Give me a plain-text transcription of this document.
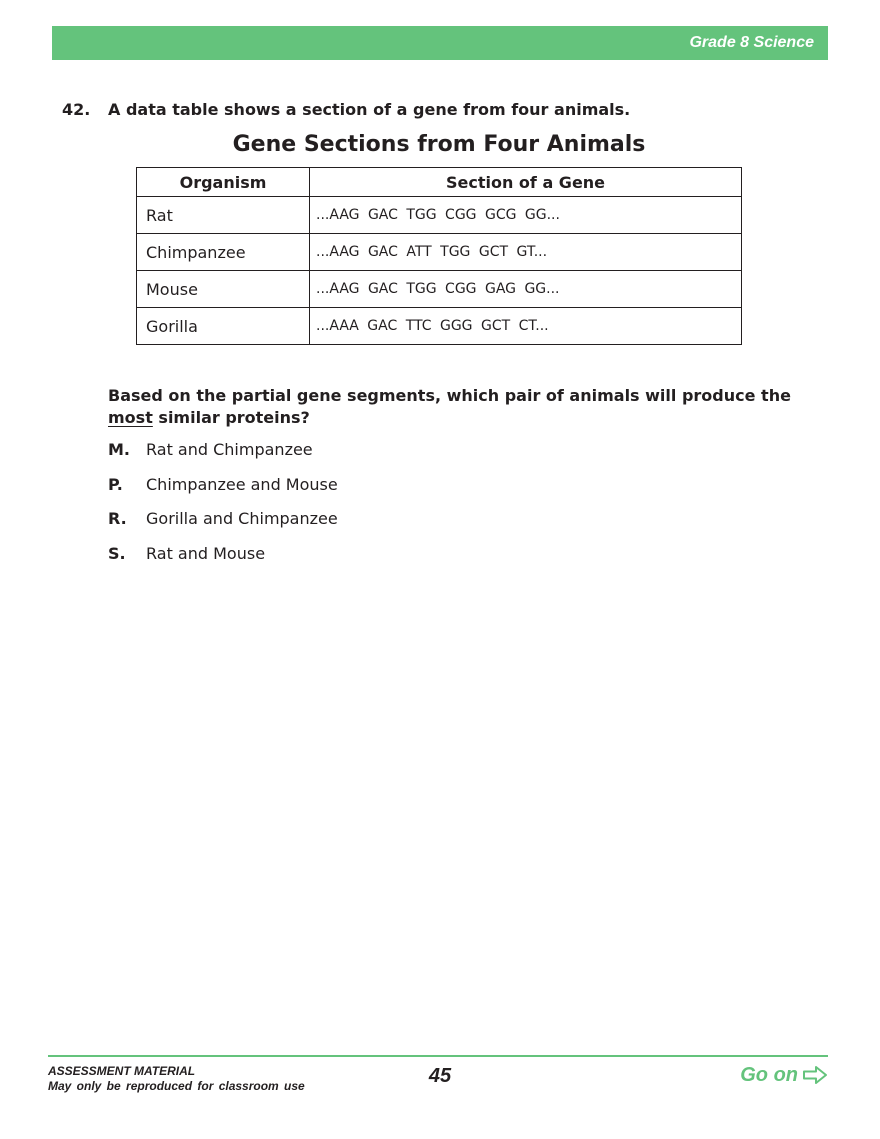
Grade 8 Science
42. A data table shows a section of a gene from four animals.
Gene Sections from Four Animals
Organism	Section of a Gene
Rat	...AAG GAC TGG CGG GCG GG...
Chimpanzee	...AAG GAC ATT TGG GCT GT...
Mouse	...AAG GAC TGG CGG GAG GG...
Gorilla	...AAA GAC TTC GGG GCT CT...
Based on the partial gene segments, which pair of animals will produce the most similar proteins?
M. Rat and Chimpanzee
P. Chimpanzee and Mouse
R. Gorilla and Chimpanzee
S. Rat and Mouse
ASSESSMENT MATERIAL
May only be reproduced for classroom use	45	Go on
